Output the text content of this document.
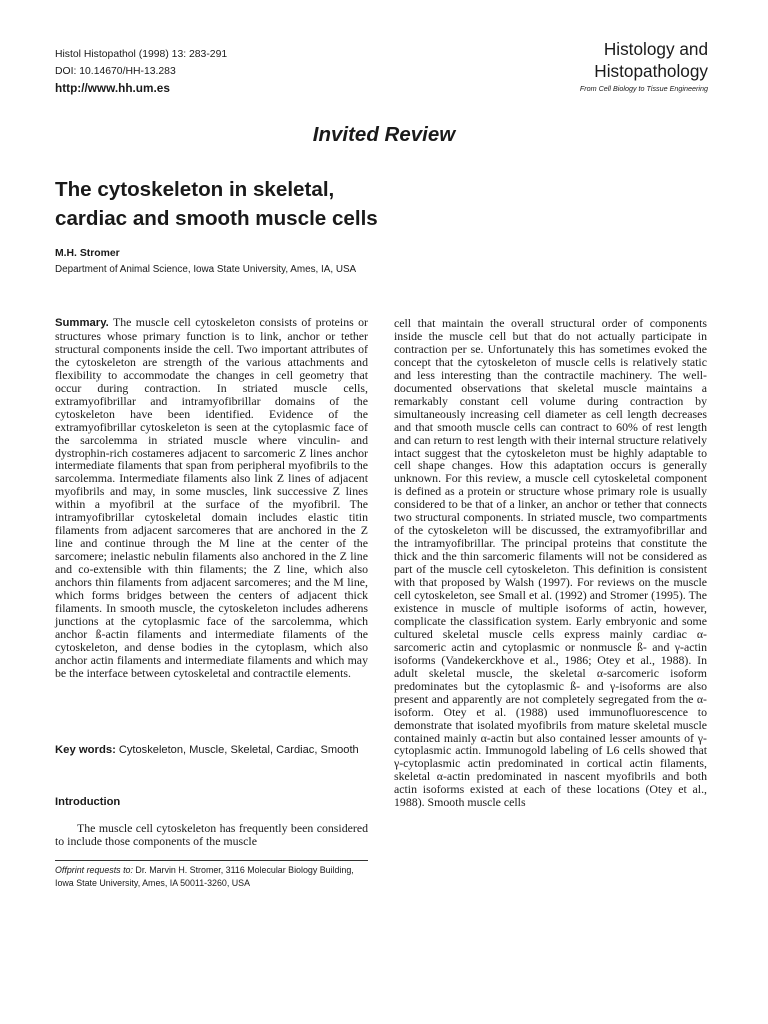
Histol Histopathol (1998) 13: 283-291
DOI: 10.14670/HH-13.283
http://www.hh.um.es
Histology and
Histopathology
From Cell Biology to Tissue Engineering
Invited Review
The cytoskeleton in skeletal,
cardiac and smooth muscle cells
M.H. Stromer
Department of Animal Science, Iowa State University, Ames, IA, USA
Summary. The muscle cell cytoskeleton consists of proteins or structures whose primary function is to link, anchor or tether structural components inside the cell. Two important attributes of the cytoskeleton are strength of the various attachments and flexibility to accommodate the changes in cell geometry that occur during contraction. In striated muscle cells, extramyofibrillar and intramyofibrillar domains of the cytoskeleton have been identified. Evidence of the extramyofibrillar cytoskeleton is seen at the cytoplasmic face of the sarcolemma in striated muscle where vinculin- and dystrophin-rich costameres adjacent to sarcomeric Z lines anchor intermediate filaments that span from peripheral myofibrils to the sarcolemma. Intermediate filaments also link Z lines of adjacent myofibrils and may, in some muscles, link successive Z lines within a myofibril at the surface of the myofibril. The intramyofibrillar cytoskeletal domain includes elastic titin filaments from adjacent sarcomeres that are anchored in the Z line and continue through the M line at the center of the sarcomere; inelastic nebulin filaments also anchored in the Z line and co-extensible with thin filaments; the Z line, which also anchors thin filaments from adjacent sarcomeres; and the M line, which forms bridges between the centers of adjacent thick filaments. In smooth muscle, the cytoskeleton includes adherens junctions at the cytoplasmic face of the sarcolemma, which anchor ß-actin filaments and intermediate filaments of the cytoskeleton, and dense bodies in the cytoplasm, which also anchor actin filaments and intermediate filaments and which may be the interface between cytoskeletal and contractile elements.
Key words: Cytoskeleton, Muscle, Skeletal, Cardiac, Smooth
Introduction
The muscle cell cytoskeleton has frequently been considered to include those components of the muscle
Offprint requests to: Dr. Marvin H. Stromer, 3116 Molecular Biology Building, Iowa State University, Ames, IA 50011-3260, USA
cell that maintain the overall structural order of components inside the muscle cell but that do not actually participate in contraction per se. Unfortunately this has sometimes evoked the concept that the cytoskeleton of muscle cells is relatively static and less interesting than the contractile machinery. The well-documented observations that skeletal muscle maintains a remarkably constant cell volume during contraction by simultaneously increasing cell diameter as cell length decreases and that smooth muscle cells can contract to 60% of rest length and can return to rest length with their internal structure relatively intact suggest that the cytoskeleton must be highly adaptable to cell shape changes. How this adaptation occurs is generally unknown. For this review, a muscle cell cytoskeletal component is defined as a protein or structure whose primary role is usually considered to be that of a linker, an anchor or tether that connects two structural components. In striated muscle, two compartments of the cytoskeleton will be discussed, the extramyofibrillar and the intramyofibrillar. The principal proteins that constitute the thick and the thin sarcomeric filaments will not be considered as part of the muscle cell cytoskeleton. This definition is consistent with that proposed by Walsh (1997). For reviews on the muscle cell cytoskeleton, see Small et al. (1992) and Stromer (1995). The existence in muscle of multiple isoforms of actin, however, complicate the classification system. Early embryonic and some cultured skeletal muscle cells express mainly cardiac α-sarcomeric actin and cytoplasmic or nonmuscle ß- and γ-actin isoforms (Vandekerckhove et al., 1986; Otey et al., 1988). In adult skeletal muscle, the skeletal α-sarcomeric isoform predominates but the cytoplasmic ß- and γ-isoforms are also present and apparently are not completely segregated from the α-isoform. Otey et al. (1988) used immunofluorescence to demonstrate that isolated myofibrils from mature skeletal muscle contained mainly α-actin but also contained lesser amounts of γ-cytoplasmic actin. Immunogold labeling of L6 cells showed that γ-cytoplasmic actin predominated in cortical actin filaments, skeletal α-actin predominated in nascent myofibrils and both actin isoforms existed at each of these locations (Otey et al., 1988). Smooth muscle cells
